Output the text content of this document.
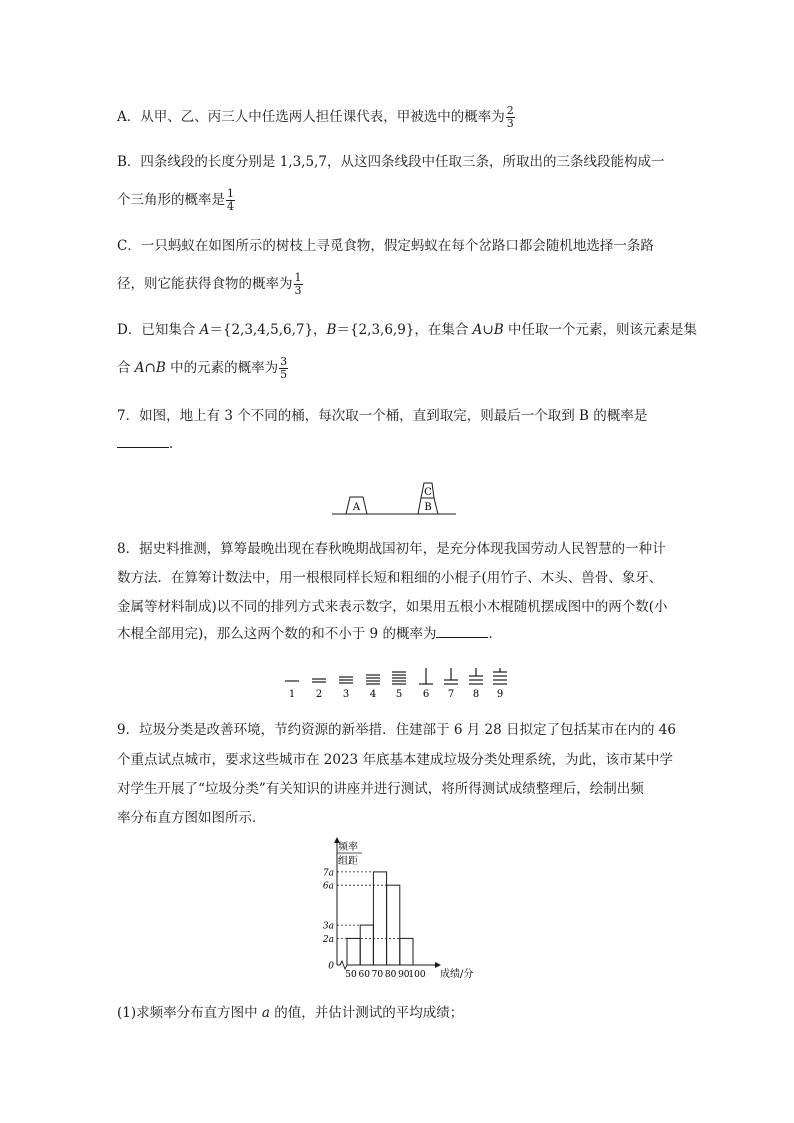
A．从甲、乙、丙三人中任选两人担任课代表，甲被选中的概率为 $\frac{2}{3}$
B．四条线段的长度分别是 1,3,5,7，从这四条线段中任取三条，所取出的三条线段能构成一
个三角形的概率是 $\frac{1}{4}$
C．一只蚂蚁在如图所示的树枝上寻觅食物，假定蚂蚁在每个岔路口都会随机地选择一条路
径，则它能获得食物的概率为 $\frac{1}{3}$
D．已知集合 A＝{2,3,4,5,6,7}，B＝{2,3,6,9}，在集合 A∪B 中任取一个元素，则该元素是集
合 A∩B 中的元素的概率为 $\frac{3}{5}$
7．如图，地上有 3 个不同的桶，每次取一个桶，直到取完，则最后一个取到 B 的概率是
．
A	B
C
8．据史料推测，算筹最晚出现在春秋晚期战国初年，是充分体现我国劳动人民智慧的一种计
数方法．在算筹计数法中，用一根根同样长短和粗细的小棍子(用竹子、木头、兽骨、象牙、
金属等材料制成)以不同的排列方式来表示数字，如果用五根小木棍随机摆成图中的两个数(小
木棍全部用完)，那么这两个数的和不小于 9 的概率为	．
1 2 3 4 5 6 7 8 9
9．垃圾分类是改善环境，节约资源的新举措．住建部于 6 月 28 日拟定了包括某市在内的 46
个重点试点城市，要求这些城市在 2023 年底基本建成垃圾分类处理系统，为此，该市某中学
对学生开展了“垃圾分类”有关知识的讲座并进行测试，将所得测试成绩整理后，绘制出频
率分布直方图如图所示．
频率
组距
成绩/分
0
2a
3a
6a
7a
50 60 70 80 90
100
(1)求频率分布直方图中 a 的值，并估计测试的平均成绩；
